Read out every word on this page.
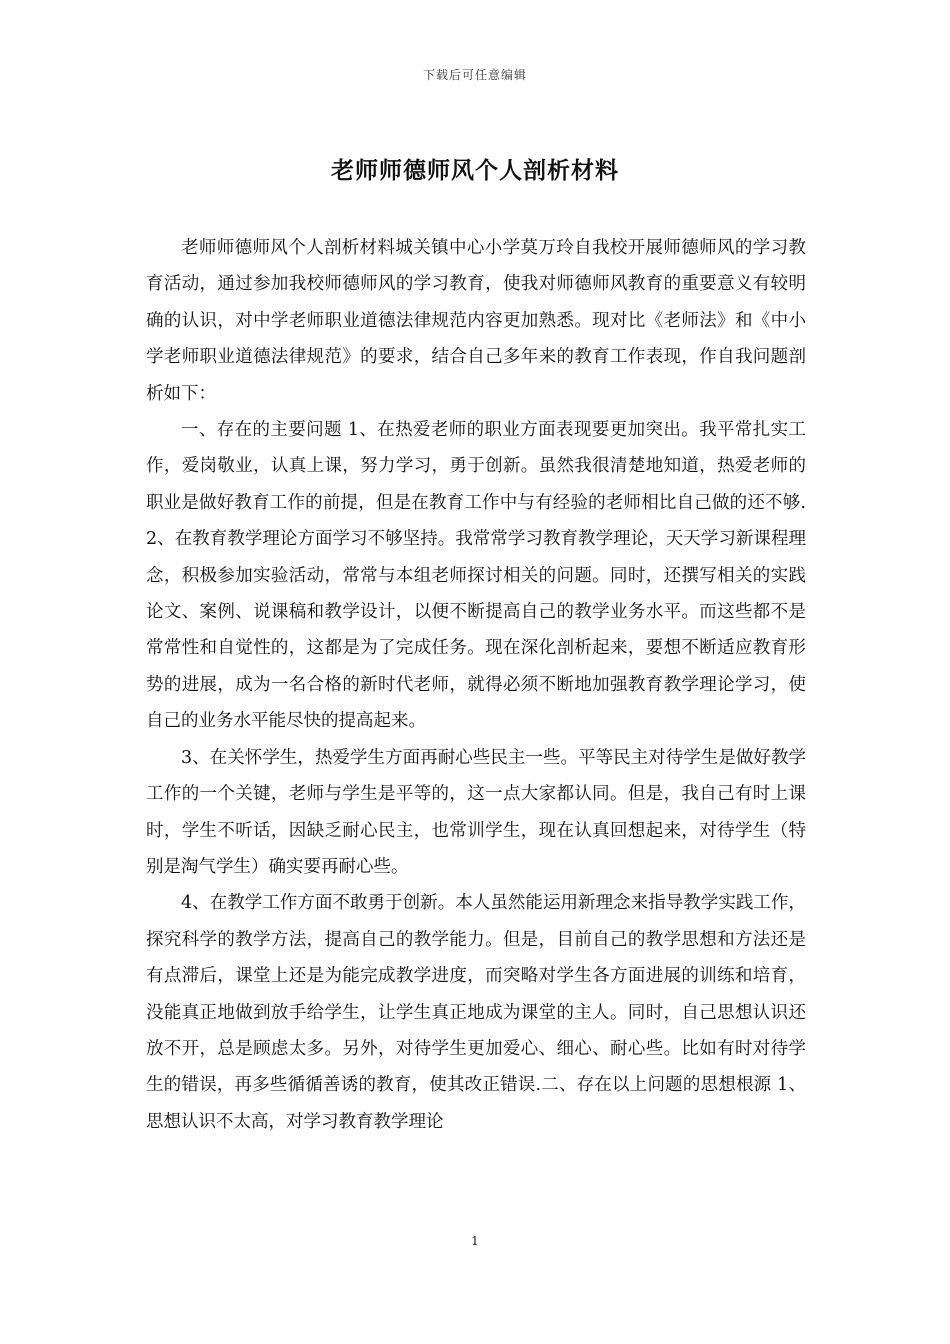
下载后可任意编辑
老师师德师风个人剖析材料

老师师德师风个人剖析材料城关镇中心小学莫万玲自我校开展师德师风的学习教育活动，通过参加我校师德师风的学习教育，使我对师德师风教育的重要意义有较明确的认识，对中学老师职业道德法律规范内容更加熟悉。现对比《老师法》和《中小学老师职业道德法律规范》的要求，结合自己多年来的教育工作表现，作自我问题剖析如下：

一、存在的主要问题 1、在热爱老师的职业方面表现要更加突出。我平常扎实工作，爱岗敬业，认真上课，努力学习，勇于创新。虽然我很清楚地知道，热爱老师的职业是做好教育工作的前提，但是在教育工作中与有经验的老师相比自己做的还不够.2、在教育教学理论方面学习不够坚持。我常常学习教育教学理论，天天学习新课程理念，积极参加实验活动，常常与本组老师探讨相关的问题。同时，还撰写相关的实践论文、案例、说课稿和教学设计，以便不断提高自己的教学业务水平。而这些都不是常常性和自觉性的，这都是为了完成任务。现在深化剖析起来，要想不断适应教育形势的进展，成为一名合格的新时代老师，就得必须不断地加强教育教学理论学习，使自己的业务水平能尽快的提高起来。

3、在关怀学生，热爱学生方面再耐心些民主一些。平等民主对待学生是做好教学工作的一个关键，老师与学生是平等的，这一点大家都认同。但是，我自己有时上课时，学生不听话，因缺乏耐心民主，也常训学生，现在认真回想起来，对待学生（特别是淘气学生）确实要再耐心些。

4、在教学工作方面不敢勇于创新。本人虽然能运用新理念来指导教学实践工作，探究科学的教学方法，提高自己的教学能力。但是，目前自己的教学思想和方法还是有点滞后，课堂上还是为能完成教学进度，而突略对学生各方面进展的训练和培育，没能真正地做到放手给学生，让学生真正地成为课堂的主人。同时，自己思想认识还放不开，总是顾虑太多。另外，对待学生更加爱心、细心、耐心些。比如有时对待学生的错误，再多些循循善诱的教育，使其改正错误.二、存在以上问题的思想根源 1、思想认识不太高，对学习教育教学理论

1
